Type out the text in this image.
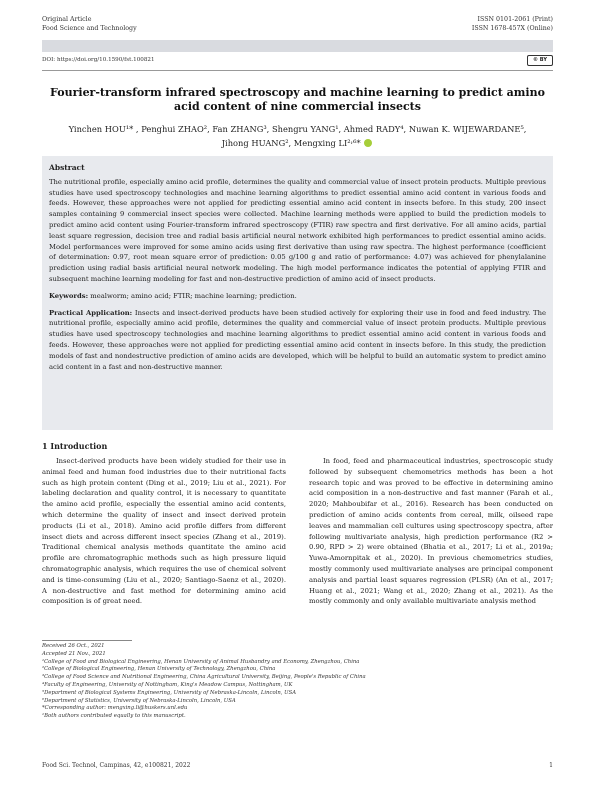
Original Article
Food Science and Technology
ISSN 0101-2061 (Print)
ISSN 1678-457X (Online)
DOI: https://doi.org/10.1590/fst.100821	© BY
Fourier-transform infrared spectroscopy and machine learning to predict amino acid content of nine commercial insects
Yinchen HOU¹* , Penghui ZHAO², Fan ZHANG³, Shengru YANG¹, Ahmed RADY⁴, Nuwan K. WIJEWARDANE⁵,
Jihong HUANG², Mengxing LI²˒⁶*
Abstract

The nutritional profile, especially amino acid profile, determines the quality and commercial value of insect protein products. Multiple previous studies have used spectroscopy technologies and machine learning algorithms to predict essential amino acid content in various foods and feeds. However, these approaches were not applied for predicting essential amino acid content in insects before. In this study, 200 insect samples containing 9 commercial insect species were collected. Machine learning methods were applied to build the prediction models to predict amino acid content using Fourier-transform infrared spectroscopy (FTIR) raw spectra and first derivative. For all amino acids, partial least square regression, decision tree and radial basis artificial neural network exhibited high performances to predict essential amino acids. Model performances were improved for some amino acids using first derivative than using raw spectra. The highest performance (coefficient of determination: 0.97, root mean square error of prediction: 0.05 g/100 g and ratio of performance: 4.07) was achieved for phenylalanine prediction using radial basis artificial neural network modeling. The high model performance indicates the potential of applying FTIR and subsequent machine learning modeling for fast and non-destructive prediction of amino acid of insect products.

Keywords: mealworm; amino acid; FTIR; machine learning; prediction.

Practical Application: Insects and insect-derived products have been studied actively for exploring their use in food and feed industry. The nutritional profile, especially amino acid profile, determines the quality and commercial value of insect protein products. Multiple previous studies have used spectroscopy technologies and machine learning algorithms to predict essential amino acid content in various foods and feeds. However, these approaches were not applied for predicting essential amino acid content in insects before. In this study, the prediction models of fast and nondestructive prediction of amino acids are developed, which will be helpful to build an automatic system to predict amino acid content in a fast and non-destructive manner.

1 Introduction

Insect-derived products have been widely studied for their use in animal feed and human food industries due to their nutritional facts such as high protein content (Ding et al., 2019; Liu et al., 2021). For labeling declaration and quality control, it is necessary to quantitate the amino acid profile, especially the essential amino acid contents, which determine the quality of insect and insect derived protein products (Li et al., 2018). Amino acid profile differs from different insect diets and across different insect species (Zhang et al., 2019). Traditional chemical analysis methods quantitate the amino acid profile are chromatographic methods such as high pressure liquid chromatographic analysis, which requires the use of chemical solvent and is time-consuming (Liu et al., 2020; Santiago-Saenz et al., 2020). A non-destructive and fast method for determining amino acid composition is of great need.

In food, feed and pharmaceutical industries, spectroscopic study followed by subsequent chemometrics methods has been a hot research topic and was proved to be effective in determining amino acid composition in a non-destructive and fast manner (Farah et al., 2020; Mahboubifar et al., 2016). Research has been conducted on prediction of amino acids contents from cereal, milk, oilseed rape leaves and mammalian cell cultures using spectroscopy spectra, after following multivariate analysis, high prediction performance (R2 > 0.90, RPD > 2) were obtained (Bhatia et al., 2017; Li et al., 2019a; Yuwa-Amornpitak et al., 2020). In previous chemometrics studies, mostly commonly used multivariate analyses are principal component analysis and partial least squares regression (PLSR) (An et al., 2017; Huang et al., 2021; Wang et al., 2020; Zhang et al., 2021). As the mostly commonly and only available multivariate analysis method

Received 26 Oct., 2021
Accepted 21 Nov., 2021
¹College of Food and Biological Engineering, Henan University of Animal Husbandry and Economy, Zhengzhou, China
²College of Biological Engineering, Henan University of Technology, Zhengzhou, China
³College of Food Science and Nutritional Engineering, China Agricultural University, Beijing, People's Republic of China
⁴Faculty of Engineering, University of Nottingham, King's Meadow Campus, Nottingham, UK
⁵Department of Biological Systems Engineering, University of Nebraska-Lincoln, Lincoln, USA
⁶Department of Statistics, University of Nebraska-Lincoln, Lincoln, USA
*Corresponding author: mengxing.li@huskers.unl.edu
¹Both authors contributed equally to this manuscript.
Food Sci. Technol, Campinas, 42, e100821, 2022	1
